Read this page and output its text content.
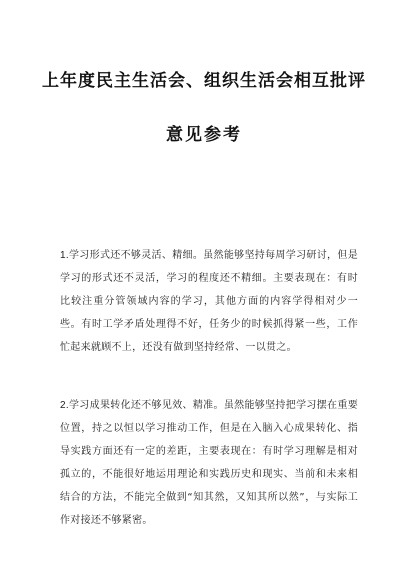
上年度民主生活会、组织生活会相互批评
意见参考
1.学习形式还不够灵活、精细。虽然能够坚持每周学习研讨，但是学习的形式还不灵活，学习的程度还不精细。主要表现在：有时比较注重分管领域内容的学习，其他方面的内容学得相对少一些。有时工学矛盾处理得不好，任务少的时候抓得紧一些，工作忙起来就顾不上，还没有做到坚持经常、一以贯之。
2.学习成果转化还不够见效、精准。虽然能够坚持把学习摆在重要位置，持之以恒以学习推动工作，但是在入脑入心成果转化、指导实践方面还有一定的差距，主要表现在：有时学习理解是相对孤立的，不能很好地运用理论和实践历史和现实、当前和未来相结合的方法，不能完全做到“知其然，又知其所以然”，与实际工作对接还不够紧密。
